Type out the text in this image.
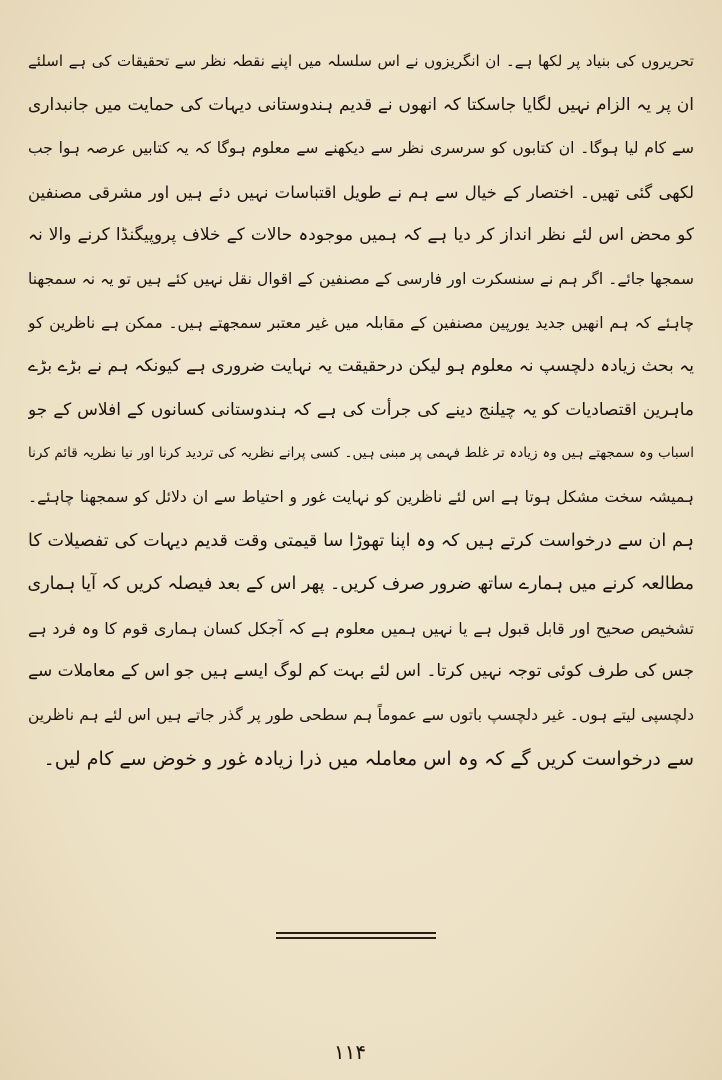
تحریروں کی بنیاد پر لکھا ہے۔ ان انگریزوں نے اس سلسلہ میں اپنے نقطہ نظر سے تحقیقات کی ہے اسلئے
ان پر یہ الزام نہیں لگایا جاسکتا کہ انھوں نے قدیم ہندوستانی دیہات کی حمایت میں جانبداری
سے کام لیا ہوگا۔ ان کتابوں کو سرسری نظر سے دیکھنے سے معلوم ہوگا کہ یہ کتابیں عرصہ ہوا جب
لکھی گئی تھیں۔ اختصار کے خیال سے ہم نے طویل اقتباسات نہیں دئے ہیں اور مشرقی مصنفین
کو محض اس لئے نظر انداز کر دیا ہے کہ ہمیں موجودہ حالات کے خلاف پروپیگنڈا کرنے والا نہ
سمجھا جائے۔ اگر ہم نے سنسکرت اور فارسی کے مصنفین کے اقوال نقل نہیں کئے ہیں تو یہ نہ سمجھنا
چاہئے کہ ہم انھیں جدید یورپین مصنفین کے مقابلہ میں غیر معتبر سمجھتے ہیں۔ ممکن ہے ناظرین کو
یہ بحث زیادہ دلچسپ نہ معلوم ہو لیکن درحقیقت یہ نہایت ضروری ہے کیونکہ ہم نے بڑے بڑے
ماہرین اقتصادیات کو یہ چیلنج دینے کی جرأت کی ہے کہ ہندوستانی کسانوں کے افلاس کے جو
اسباب وہ سمجھتے ہیں وہ زیادہ تر غلط فہمی پر مبنی ہیں۔ کسی پرانے نظریہ کی تردید کرنا اور نیا نظریہ قائم کرنا
ہمیشہ سخت مشکل ہوتا ہے اس لئے ناظرین کو نہایت غور و احتیاط سے ان دلائل کو سمجھنا چاہئے۔
ہم ان سے درخواست کرتے ہیں کہ وہ اپنا تھوڑا سا قیمتی وقت قدیم دیہات کی تفصیلات کا
مطالعہ کرنے میں ہمارے ساتھ ضرور صرف کریں۔ پھر اس کے بعد فیصلہ کریں کہ آیا ہماری
تشخیص صحیح اور قابل قبول ہے یا نہیں ہمیں معلوم ہے کہ آجکل کسان ہماری قوم کا وہ فرد ہے
جس کی طرف کوئی توجہ نہیں کرتا۔ اس لئے بہت کم لوگ ایسے ہیں جو اس کے معاملات سے
دلچسپی لیتے ہوں۔ غیر دلچسپ باتوں سے عموماً ہم سطحی طور پر گذر جاتے ہیں اس لئے ہم ناظرین
سے درخواست کریں گے کہ وہ اس معاملہ میں ذرا زیادہ غور و خوض سے کام لیں۔
۱۱۴
